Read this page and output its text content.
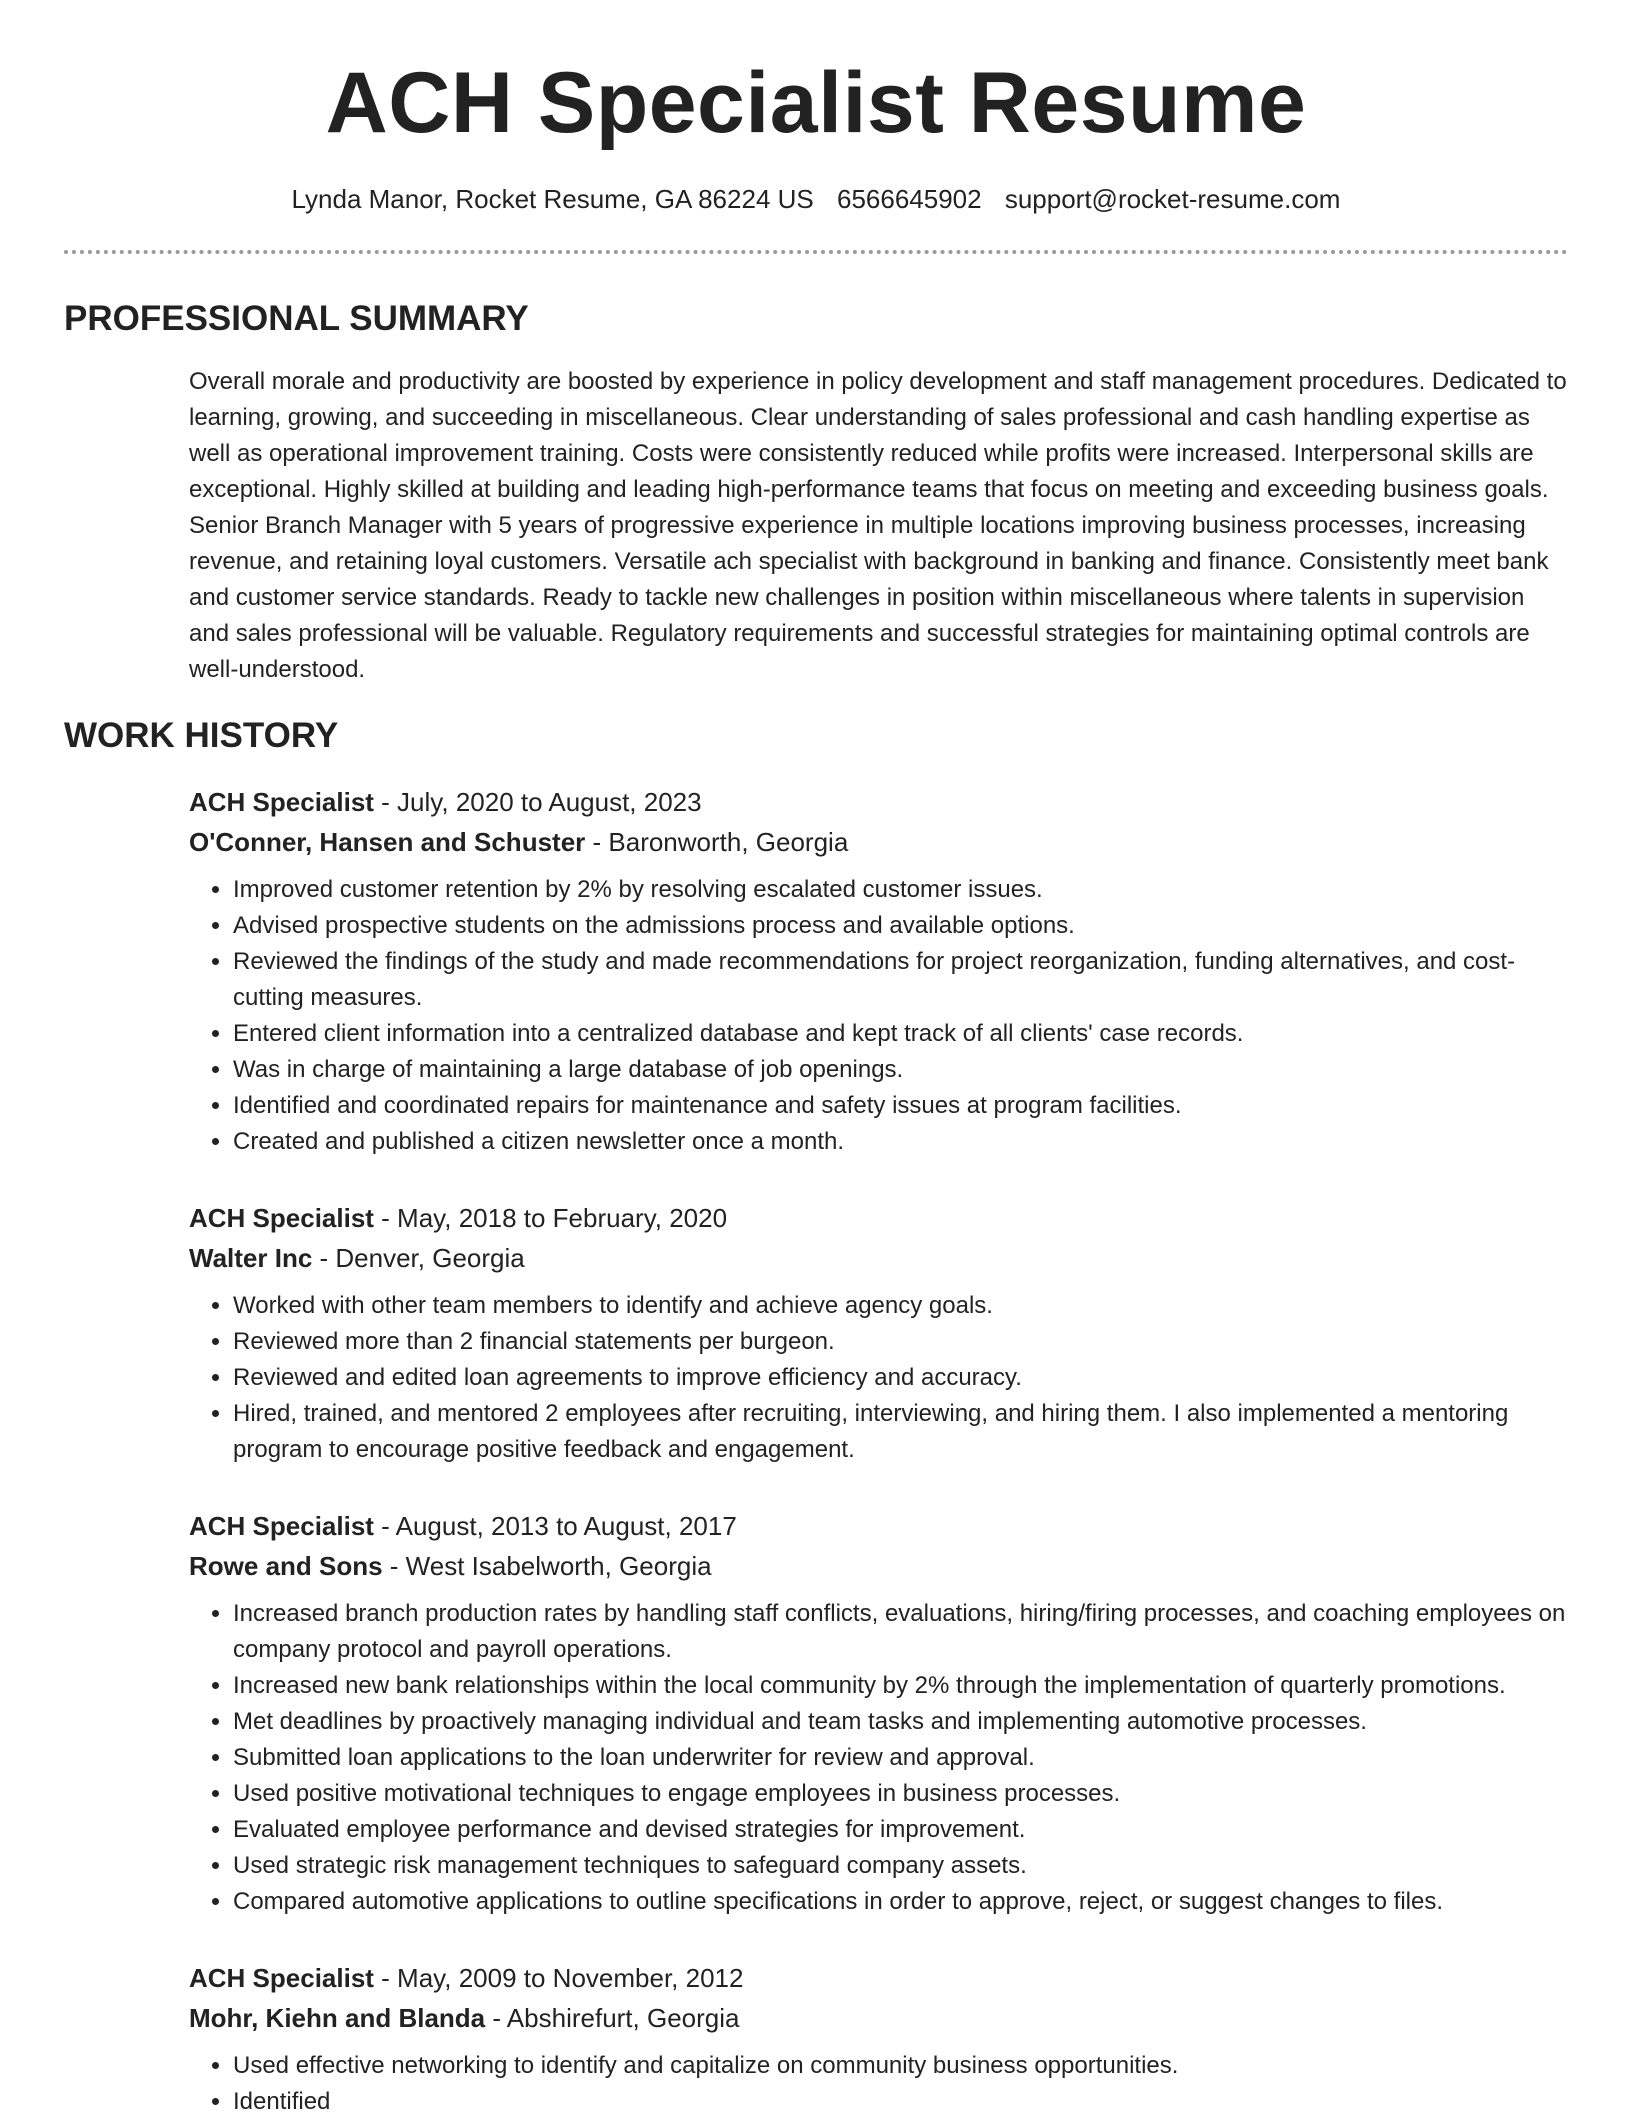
ACH Specialist Resume
Lynda Manor, Rocket Resume, GA 86224 US 6566645902 support@rocket-resume.com
PROFESSIONAL SUMMARY

Overall morale and productivity are boosted by experience in policy development and staff management procedures. Dedicated to learning, growing, and succeeding in miscellaneous. Clear understanding of sales professional and cash handling expertise as well as operational improvement training. Costs were consistently reduced while profits were increased. Interpersonal skills are exceptional. Highly skilled at building and leading high-performance teams that focus on meeting and exceeding business goals. Senior Branch Manager with 5 years of progressive experience in multiple locations improving business processes, increasing revenue, and retaining loyal customers. Versatile ach specialist with background in banking and finance. Consistently meet bank and customer service standards. Ready to tackle new challenges in position within miscellaneous where talents in supervision and sales professional will be valuable. Regulatory requirements and successful strategies for maintaining optimal controls are well-understood.

WORK HISTORY
ACH Specialist - July, 2020 to August, 2023
O'Conner, Hansen and Schuster - Baronworth, Georgia
• Improved customer retention by 2% by resolving escalated customer issues.
• Advised prospective students on the admissions process and available options.
• Reviewed the findings of the study and made recommendations for project reorganization, funding alternatives, and cost-cutting measures.
• Entered client information into a centralized database and kept track of all clients' case records.
• Was in charge of maintaining a large database of job openings.
• Identified and coordinated repairs for maintenance and safety issues at program facilities.
• Created and published a citizen newsletter once a month.
ACH Specialist - May, 2018 to February, 2020
Walter Inc - Denver, Georgia
• Worked with other team members to identify and achieve agency goals.
• Reviewed more than 2 financial statements per burgeon.
• Reviewed and edited loan agreements to improve efficiency and accuracy.
• Hired, trained, and mentored 2 employees after recruiting, interviewing, and hiring them. I also implemented a mentoring program to encourage positive feedback and engagement.
ACH Specialist - August, 2013 to August, 2017
Rowe and Sons - West Isabelworth, Georgia
• Increased branch production rates by handling staff conflicts, evaluations, hiring/firing processes, and coaching employees on company protocol and payroll operations.
• Increased new bank relationships within the local community by 2% through the implementation of quarterly promotions.
• Met deadlines by proactively managing individual and team tasks and implementing automotive processes.
• Submitted loan applications to the loan underwriter for review and approval.
• Used positive motivational techniques to engage employees in business processes.
• Evaluated employee performance and devised strategies for improvement.
• Used strategic risk management techniques to safeguard company assets.
• Compared automotive applications to outline specifications in order to approve, reject, or suggest changes to files.
ACH Specialist - May, 2009 to November, 2012
Mohr, Kiehn and Blanda - Abshirefurt, Georgia
• Used effective networking to identify and capitalize on community business opportunities.
• Identified
